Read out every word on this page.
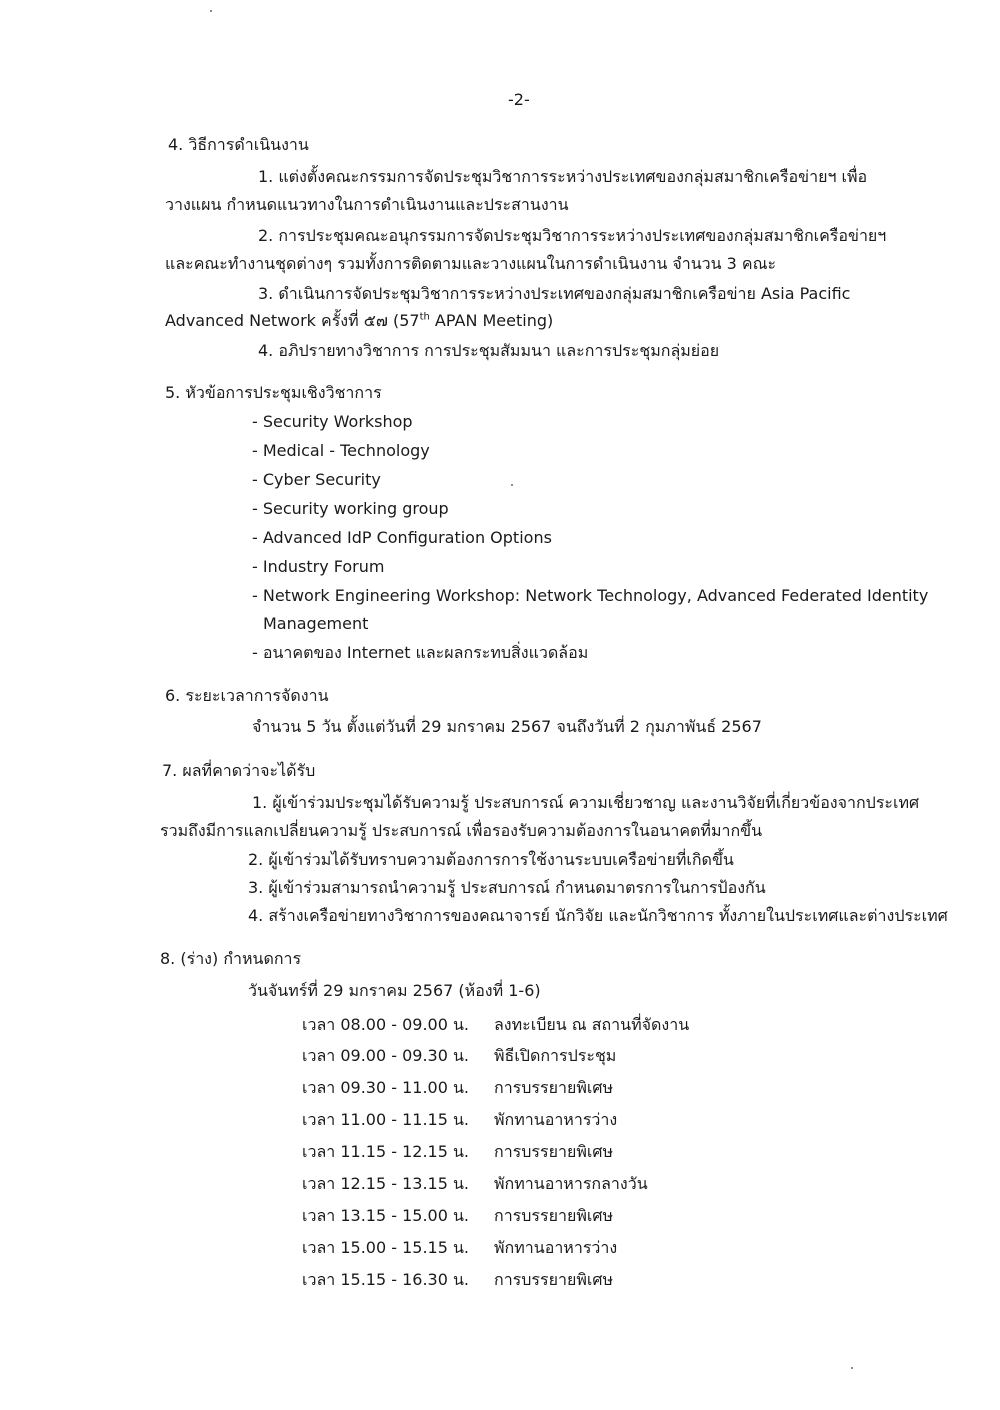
-2-
4. วิธีการดำเนินงาน
1. แต่งตั้งคณะกรรมการจัดประชุมวิชาการระหว่างประเทศของกลุ่มสมาชิกเครือข่ายฯ เพื่อ
วางแผน กำหนดแนวทางในการดำเนินงานและประสานงาน
2. การประชุมคณะอนุกรรมการจัดประชุมวิชาการระหว่างประเทศของกลุ่มสมาชิกเครือข่ายฯ
และคณะทำงานชุดต่างๆ รวมทั้งการติดตามและวางแผนในการดำเนินงาน จำนวน 3 คณะ
3. ดำเนินการจัดประชุมวิชาการระหว่างประเทศของกลุ่มสมาชิกเครือข่าย Asia Pacific
Advanced Network ครั้งที่ ๕๗ (57th APAN Meeting)
4. อภิปรายทางวิชาการ การประชุมสัมมนา และการประชุมกลุ่มย่อย
5. หัวข้อการประชุมเชิงวิชาการ
- Security Workshop
- Medical - Technology
- Cyber Security
- Security working group
- Advanced IdP Configuration Options
- Industry Forum
- Network Engineering Workshop: Network Technology, Advanced Federated Identity
Management
- อนาคตของ Internet และผลกระทบสิ่งแวดล้อม
6. ระยะเวลาการจัดงาน
จำนวน 5 วัน ตั้งแต่วันที่ 29 มกราคม 2567 จนถึงวันที่ 2 กุมภาพันธ์ 2567
7. ผลที่คาดว่าจะได้รับ
1. ผู้เข้าร่วมประชุมได้รับความรู้ ประสบการณ์ ความเชี่ยวชาญ และงานวิจัยที่เกี่ยวข้องจากประเทศ
รวมถึงมีการแลกเปลี่ยนความรู้ ประสบการณ์ เพื่อรองรับความต้องการในอนาคตที่มากขึ้น
2. ผู้เข้าร่วมได้รับทราบความต้องการการใช้งานระบบเครือข่ายที่เกิดขึ้น
3. ผู้เข้าร่วมสามารถนำความรู้ ประสบการณ์ กำหนดมาตรการในการป้องกัน
4. สร้างเครือข่ายทางวิชาการของคณาจารย์ นักวิจัย และนักวิชาการ ทั้งภายในประเทศและต่างประเทศ
8. (ร่าง) กำหนดการ
วันจันทร์ที่ 29 มกราคม 2567 (ห้องที่ 1-6)
เวลา 08.00 - 09.00 น. ลงทะเบียน ณ สถานที่จัดงาน
เวลา 09.00 - 09.30 น. พิธีเปิดการประชุม
เวลา 09.30 - 11.00 น. การบรรยายพิเศษ
เวลา 11.00 - 11.15 น. พักทานอาหารว่าง
เวลา 11.15 - 12.15 น. การบรรยายพิเศษ
เวลา 12.15 - 13.15 น. พักทานอาหารกลางวัน
เวลา 13.15 - 15.00 น. การบรรยายพิเศษ
เวลา 15.00 - 15.15 น. พักทานอาหารว่าง
เวลา 15.15 - 16.30 น. การบรรยายพิเศษ
